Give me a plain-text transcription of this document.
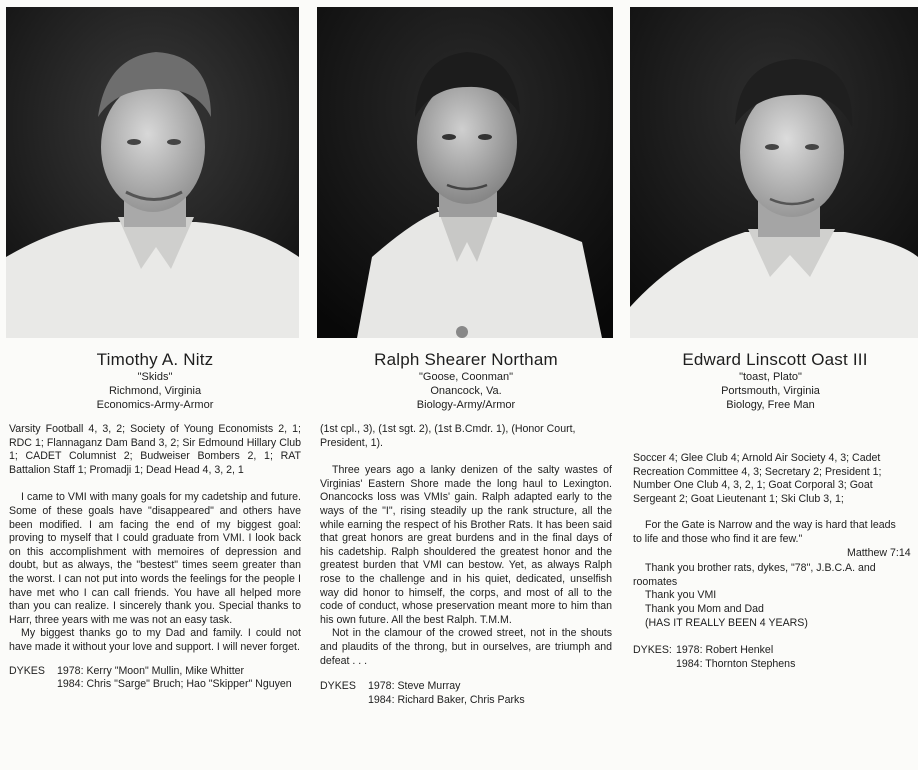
Timothy A. Nitz
"Skids"
Richmond, Virginia
Economics-Army-Armor
Varsity Football 4, 3, 2; Society of Young Economists 2, 1; RDC 1; Flannaganz Dam Band 3, 2; Sir Edmound Hillary Club 1; CADET Columnist 2; Budweiser Bombers 2, 1; RAT Battalion Staff 1; Promadji 1; Dead Head 4, 3, 2, 1

I came to VMI with many goals for my cadetship and future. Some of these goals have "disappeared" and others have been modified. I am facing the end of my biggest goal: proving to myself that I could graduate from VMI. I look back on this accomplishment with memoires of depression and doubt, but as always, the "bestest" times seem greater than the worst. I can not put into words the feelings for the people I have met who I can call friends. You have all helped more than you can realize. I sincerely thank you. Special thanks to Harr, three years with me was not an easy task.

My biggest thanks go to my Dad and family. I could not have made it without your love and support. I will never forget.

DYKES	1978: Kerry "Moon" Mullin, Mike Whitter
1984: Chris "Sarge" Bruch; Hao "Skipper" Nguyen
Ralph Shearer Northam
"Goose, Coonman"
Onancock, Va.
Biology-Army/Armor
(1st cpl., 3), (1st sgt. 2), (1st B.Cmdr. 1), (Honor Court, President, 1).

Three years ago a lanky denizen of the salty wastes of Virginias' Eastern Shore made the long haul to Lexington. Onancocks loss was VMIs' gain. Ralph adapted early to the ways of the "I", rising steadily up the rank structure, all the while earning the respect of his Brother Rats. It has been said that great honors are great burdens and in the final days of his cadetship. Ralph shouldered the greatest honor and the greatest burden that VMI can bestow. Yet, as always Ralph rose to the challenge and in his quiet, dedicated, unselfish way did honor to himself, the corps, and most of all to the code of conduct, whose preservation meant more to him than his own future. All the best Ralph. T.M.M.

Not in the clamour of the crowed street, not in the shouts and plaudits of the throng, but in ourselves, are triumph and defeat . . .

DYKES	1978: Steve Murray
1984: Richard Baker, Chris Parks
Edward Linscott Oast III
"toast, Plato"
Portsmouth, Virginia
Biology, Free Man
Soccer 4; Glee Club 4; Arnold Air Society 4, 3; Cadet
Recreation Committee 4, 3; Secretary 2; President 1;
Number One Club 4, 3, 2, 1; Goat Corporal 3; Goat
Sergeant 2; Goat Lieutenant 1; Ski Club 3, 1;
For the Gate is Narrow and the way is hard that leads
to life and those who find it are few."
Matthew 7:14
Thank you brother rats, dykes, "78", J.B.C.A. and
roomates
Thank you VMI
Thank you Mom and Dad
(HAS IT REALLY BEEN 4 YEARS)
DYKES: 1978: Robert Henkel
1984: Thornton Stephens
